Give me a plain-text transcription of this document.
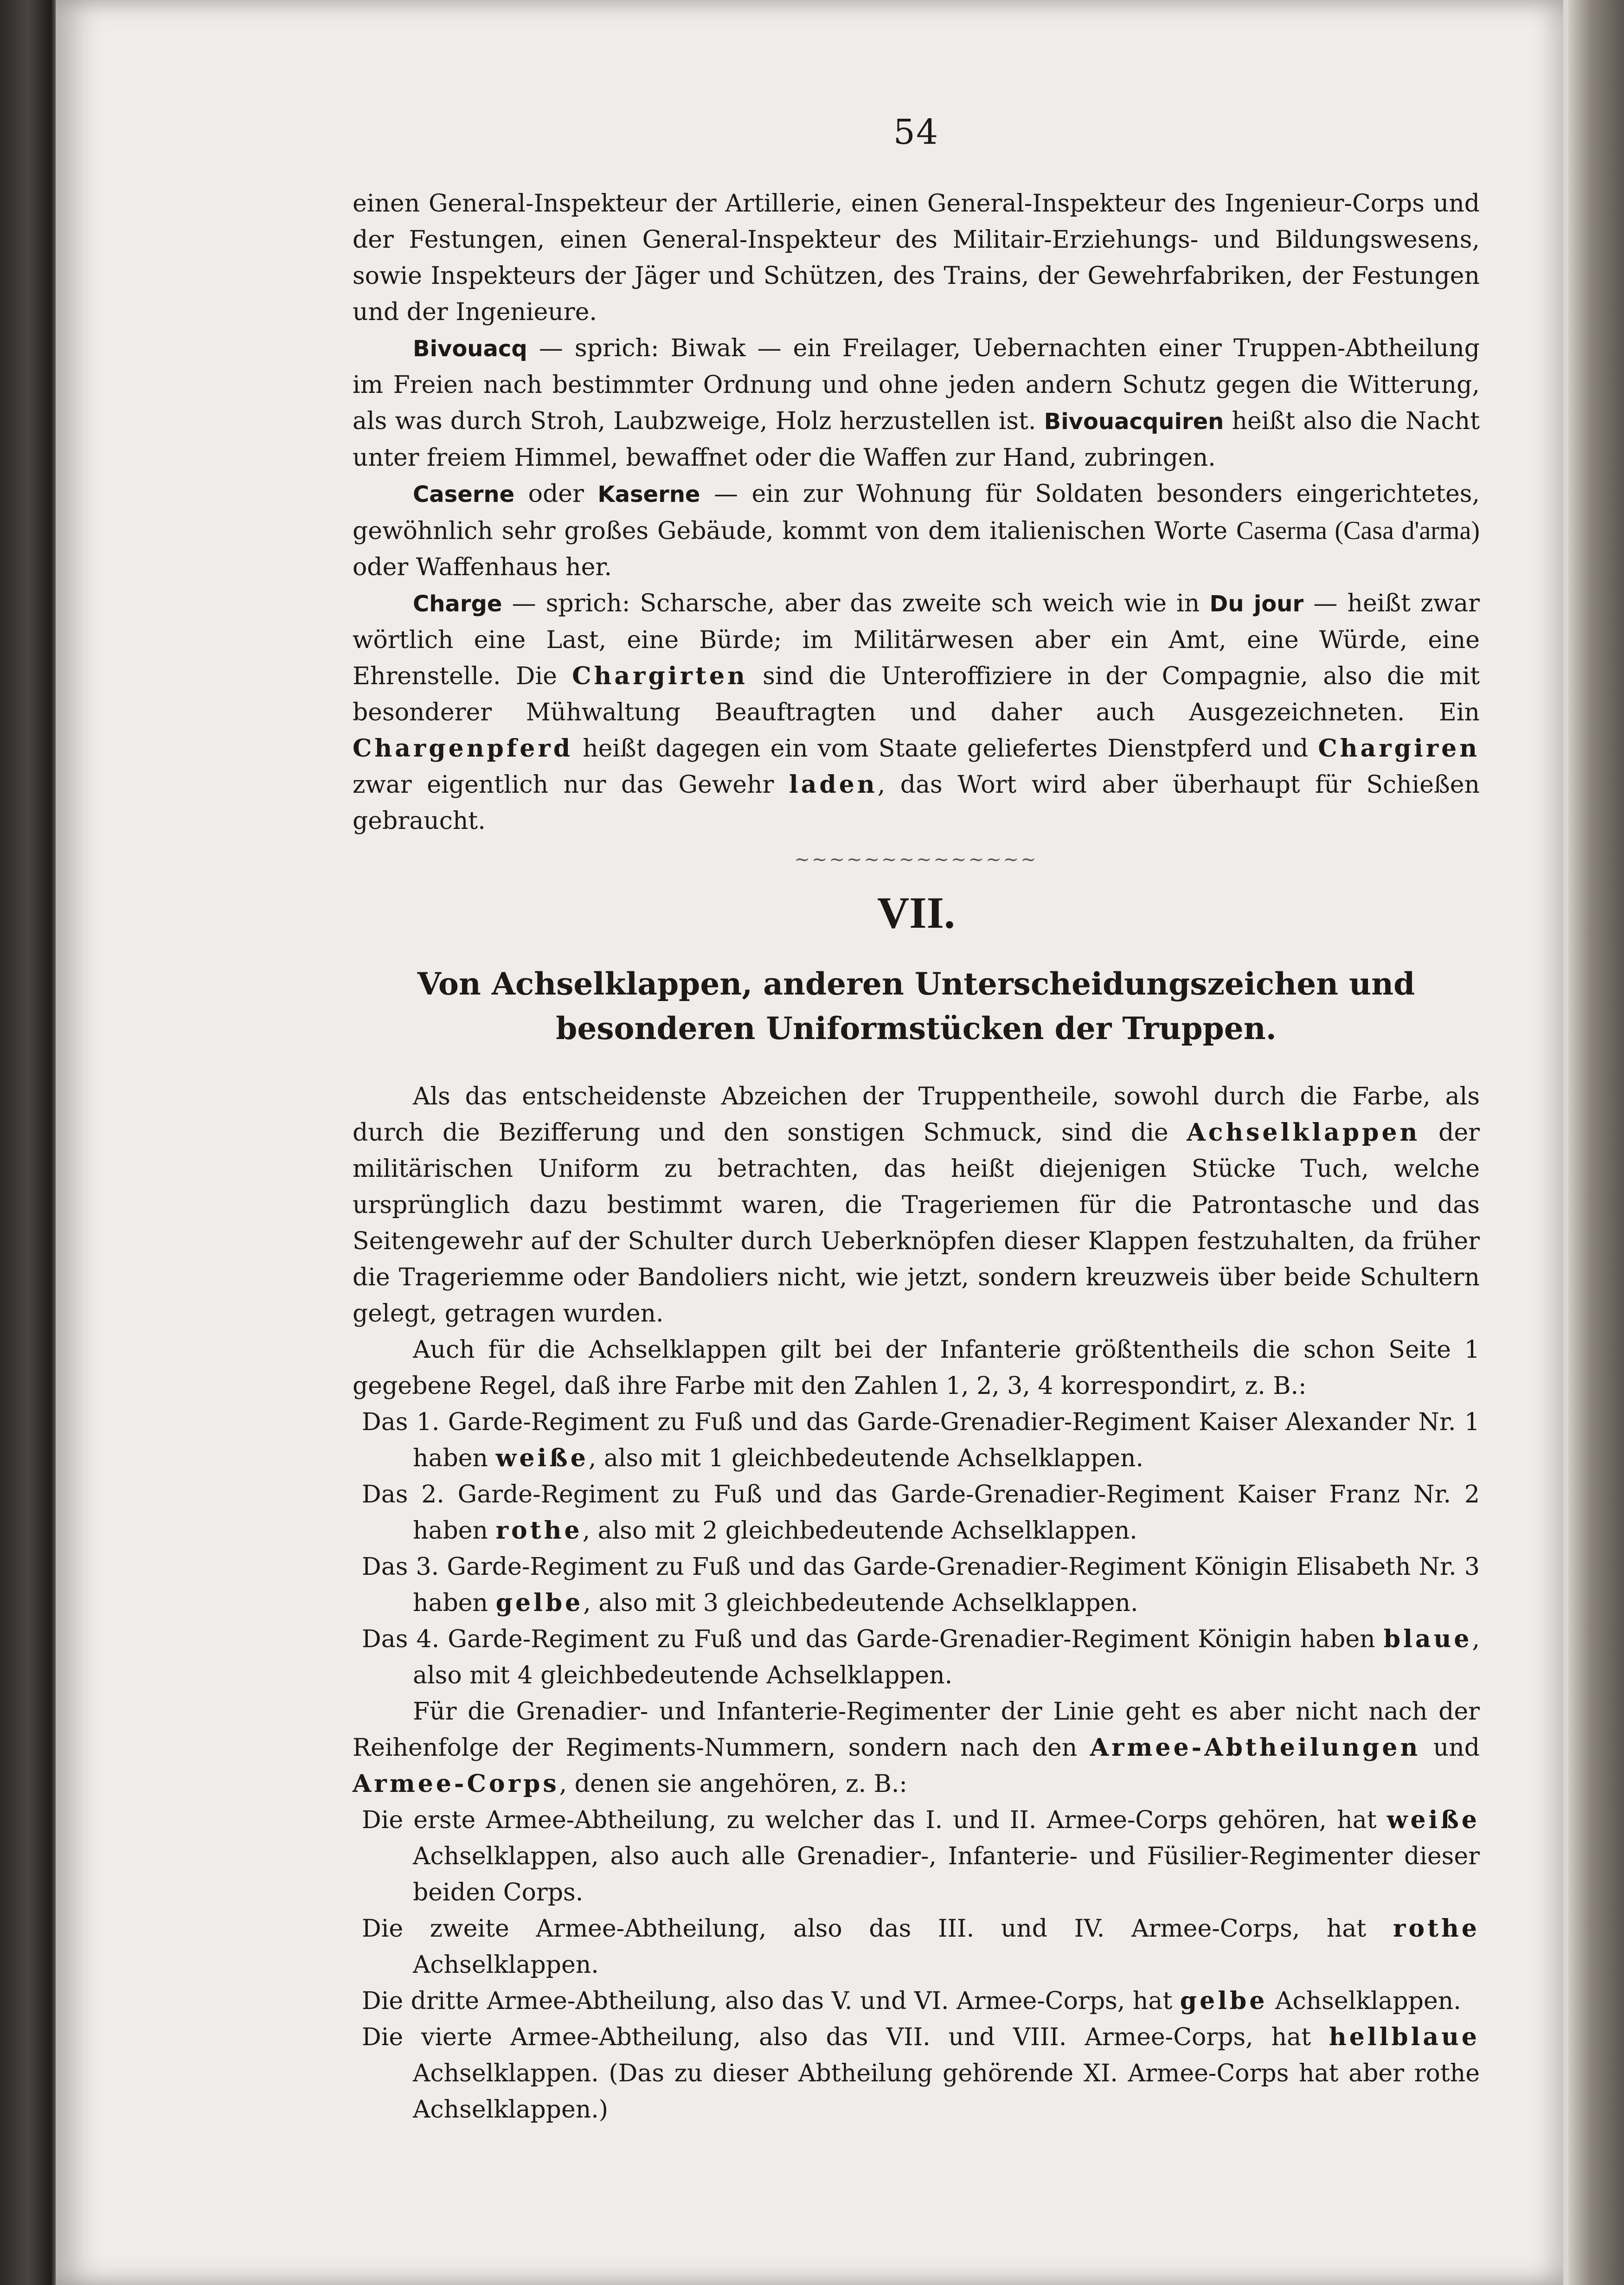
54

einen General-Inspekteur der Artillerie, einen General-Inspekteur des Ingenieur-Corps und der Festungen, einen General-Inspekteur des Militair-Erziehungs- und Bildungswesens, sowie Inspekteurs der Jäger und Schützen, des Trains, der Gewehrfabriken, der Festungen und der Ingenieure.

Bivouacq — sprich: Biwak — ein Freilager, Uebernachten einer Truppen-Abtheilung im Freien nach bestimmter Ordnung und ohne jeden andern Schutz gegen die Witterung, als was durch Stroh, Laubzweige, Holz herzustellen ist. Bivouacquiren heißt also die Nacht unter freiem Himmel, bewaffnet oder die Waffen zur Hand, zubringen.

Caserne oder Kaserne — ein zur Wohnung für Soldaten besonders eingerichtetes, gewöhnlich sehr großes Gebäude, kommt von dem italienischen Worte Caserma (Casa d'arma) oder Waffenhaus her.

Charge — sprich: Scharsche, aber das zweite sch weich wie in Du jour — heißt zwar wörtlich eine Last, eine Bürde; im Militärwesen aber ein Amt, eine Würde, eine Ehrenstelle. Die Chargirten sind die Unteroffiziere in der Compagnie, also die mit besonderer Mühwaltung Beauftragten und daher auch Ausgezeichneten. Ein Chargenpferd heißt dagegen ein vom Staate geliefertes Dienstpferd und Chargiren zwar eigentlich nur das Gewehr laden, das Wort wird aber überhaupt für Schießen gebraucht.

~~~~~~~~~~~~~~
VII.
Von Achselklappen, anderen Unterscheidungszeichen und besonderen Uniformstücken der Truppen.

Als das entscheidenste Abzeichen der Truppentheile, sowohl durch die Farbe, als durch die Bezifferung und den sonstigen Schmuck, sind die Achselklappen der militärischen Uniform zu betrachten, das heißt diejenigen Stücke Tuch, welche ursprünglich dazu bestimmt waren, die Trageriemen für die Patrontasche und das Seitengewehr auf der Schulter durch Ueberknöpfen dieser Klappen festzuhalten, da früher die Trageriemme oder Bandoliers nicht, wie jetzt, sondern kreuzweis über beide Schultern gelegt, getragen wurden.

Auch für die Achselklappen gilt bei der Infanterie größtentheils die schon Seite 1 gegebene Regel, daß ihre Farbe mit den Zahlen 1, 2, 3, 4 korrespondirt, z. B.:

Das 1. Garde-Regiment zu Fuß und das Garde-Grenadier-Regiment Kaiser Alexander Nr. 1 haben weiße, also mit 1 gleichbedeutende Achselklappen.

Das 2. Garde-Regiment zu Fuß und das Garde-Grenadier-Regiment Kaiser Franz Nr. 2 haben rothe, also mit 2 gleichbedeutende Achselklappen.

Das 3. Garde-Regiment zu Fuß und das Garde-Grenadier-Regiment Königin Elisabeth Nr. 3 haben gelbe, also mit 3 gleichbedeutende Achselklappen.

Das 4. Garde-Regiment zu Fuß und das Garde-Grenadier-Regiment Königin haben blaue, also mit 4 gleichbedeutende Achselklappen.

Für die Grenadier- und Infanterie-Regimenter der Linie geht es aber nicht nach der Reihenfolge der Regiments-Nummern, sondern nach den Armee-Abtheilungen und Armee-Corps, denen sie angehören, z. B.:

Die erste Armee-Abtheilung, zu welcher das I. und II. Armee-Corps gehören, hat weiße Achselklappen, also auch alle Grenadier-, Infanterie- und Füsilier-Regimenter dieser beiden Corps.

Die zweite Armee-Abtheilung, also das III. und IV. Armee-Corps, hat rothe Achselklappen.

Die dritte Armee-Abtheilung, also das V. und VI. Armee-Corps, hat gelbe Achselklappen.

Die vierte Armee-Abtheilung, also das VII. und VIII. Armee-Corps, hat hellblaue Achselklappen. (Das zu dieser Abtheilung gehörende XI. Armee-Corps hat aber rothe Achselklappen.)
